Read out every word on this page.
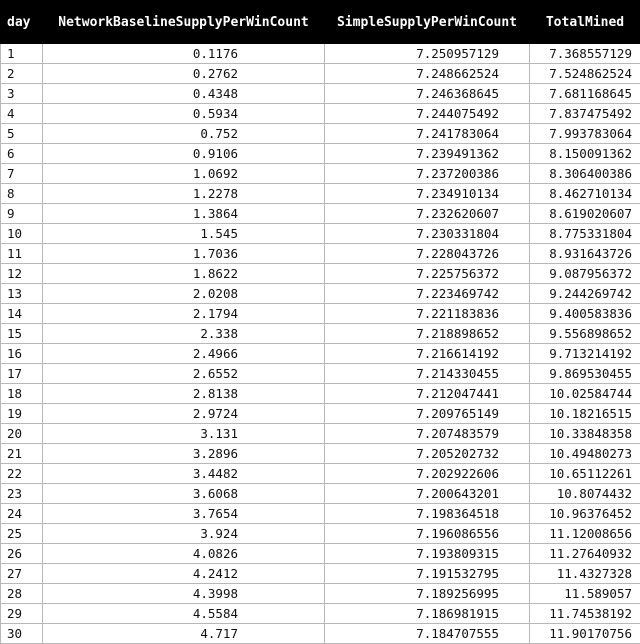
day	NetworkBaselineSupplyPerWinCount	SimpleSupplyPerWinCount	TotalMined
1	0.1176	7.250957129	7.368557129
2	0.2762	7.248662524	7.524862524
3	0.4348	7.246368645	7.681168645
4	0.5934	7.244075492	7.837475492
5	0.752	7.241783064	7.993783064
6	0.9106	7.239491362	8.150091362
7	1.0692	7.237200386	8.306400386
8	1.2278	7.234910134	8.462710134
9	1.3864	7.232620607	8.619020607
10	1.545	7.230331804	8.775331804
11	1.7036	7.228043726	8.931643726
12	1.8622	7.225756372	9.087956372
13	2.0208	7.223469742	9.244269742
14	2.1794	7.221183836	9.400583836
15	2.338	7.218898652	9.556898652
16	2.4966	7.216614192	9.713214192
17	2.6552	7.214330455	9.869530455
18	2.8138	7.212047441	10.02584744
19	2.9724	7.209765149	10.18216515
20	3.131	7.207483579	10.33848358
21	3.2896	7.205202732	10.49480273
22	3.4482	7.202922606	10.65112261
23	3.6068	7.200643201	10.8074432
24	3.7654	7.198364518	10.96376452
25	3.924	7.196086556	11.12008656
26	4.0826	7.193809315	11.27640932
27	4.2412	7.191532795	11.4327328
28	4.3998	7.189256995	11.589057
29	4.5584	7.186981915	11.74538192
30	4.717	7.184707555	11.90170756
